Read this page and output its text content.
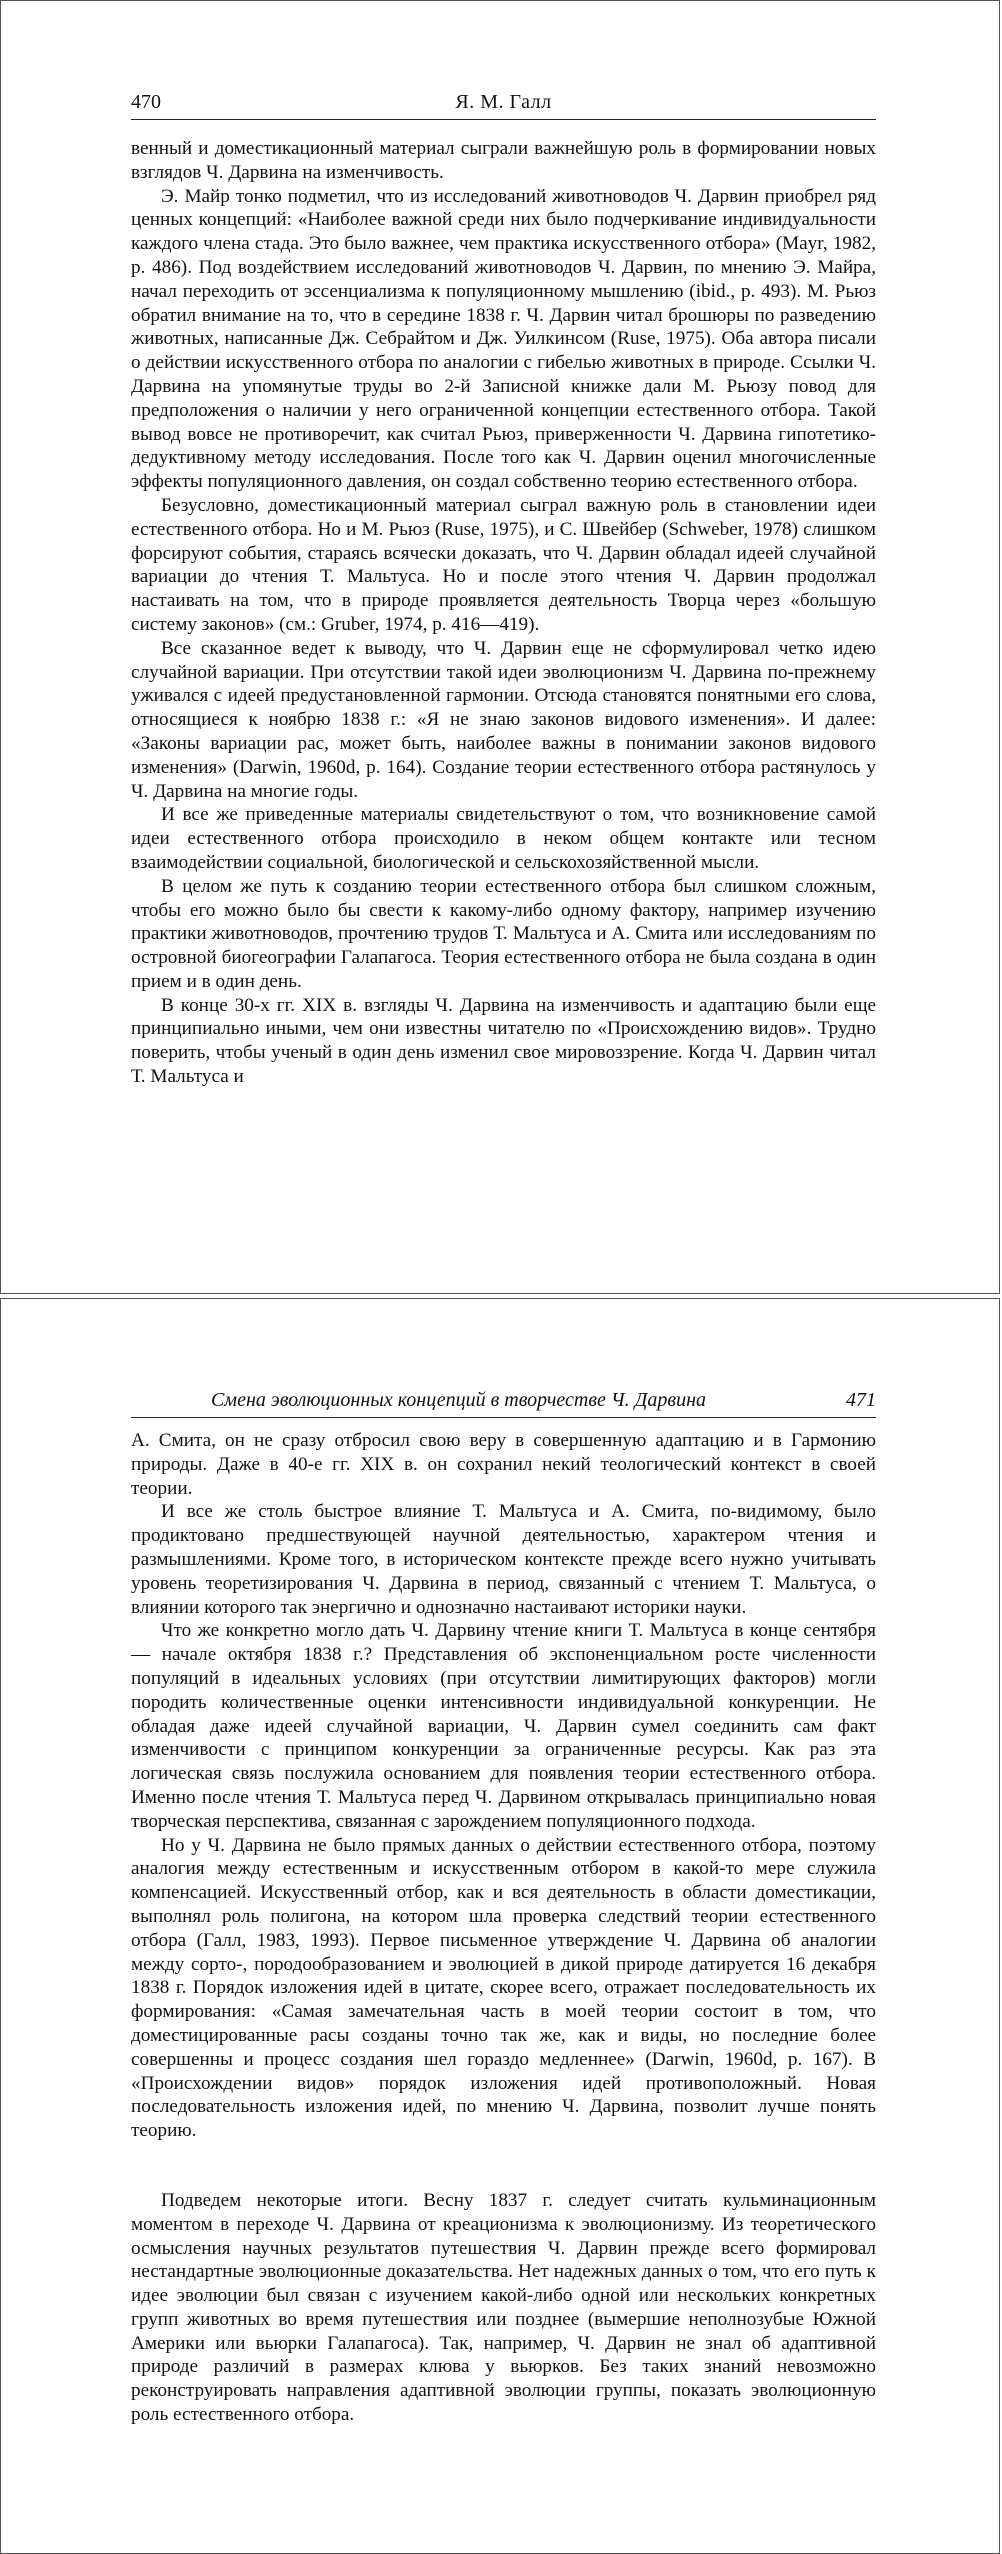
470	Я. М. Галл

венный и доместикационный материал сыграли важнейшую роль в формировании новых взглядов Ч. Дарвина на изменчивость.

Э. Майр тонко подметил, что из исследований животноводов Ч. Дарвин приобрел ряд ценных концепций: «Наиболее важной среди них было подчеркивание индивидуальности каждого члена стада. Это было важнее, чем практика искусственного отбора» (Mayr, 1982, p. 486). Под воздействием исследований животноводов Ч. Дарвин, по мнению Э. Майра, начал переходить от эссенциализма к популяционному мышлению (ibid., p. 493). М. Рьюз обратил внимание на то, что в середине 1838 г. Ч. Дарвин читал брошюры по разведению животных, написанные Дж. Себрайтом и Дж. Уилкинсом (Ruse, 1975). Оба автора писали о действии искусственного отбора по аналогии с гибелью животных в природе. Ссылки Ч. Дарвина на упомянутые труды во 2-й Записной книжке дали М. Рьюзу повод для предположения о наличии у него ограниченной концепции естественного отбора. Такой вывод вовсе не противоречит, как считал Рьюз, приверженности Ч. Дарвина гипотетико-дедуктивному методу исследования. После того как Ч. Дарвин оценил многочисленные эффекты популяционного давления, он создал собственно теорию естественного отбора.

Безусловно, доместикационный материал сыграл важную роль в становлении идеи естественного отбора. Но и М. Рьюз (Ruse, 1975), и С. Швейбер (Schweber, 1978) слишком форсируют события, стараясь всячески доказать, что Ч. Дарвин обладал идеей случайной вариации до чтения Т. Мальтуса. Но и после этого чтения Ч. Дарвин продолжал настаивать на том, что в природе проявляется деятельность Творца через «большую систему законов» (см.: Gruber, 1974, p. 416—419).

Все сказанное ведет к выводу, что Ч. Дарвин еще не сформулировал четко идею случайной вариации. При отсутствии такой идеи эволюционизм Ч. Дарвина по-прежнему уживался с идеей предустановленной гармонии. Отсюда становятся понятными его слова, относящиеся к ноябрю 1838 г.: «Я не знаю законов видового изменения». И далее: «Законы вариации рас, может быть, наиболее важны в понимании законов видового изменения» (Darwin, 1960d, p. 164). Создание теории естественного отбора растянулось у Ч. Дарвина на многие годы.

И все же приведенные материалы свидетельствуют о том, что возникновение самой идеи естественного отбора происходило в неком общем контакте или тесном взаимодействии социальной, биологической и сельскохозяйственной мысли.

В целом же путь к созданию теории естественного отбора был слишком сложным, чтобы его можно было бы свести к какому-либо одному фактору, например изучению практики животноводов, прочтению трудов Т. Мальтуса и А. Смита или исследованиям по островной биогеографии Галапагоса. Теория естественного отбора не была создана в один прием и в один день.

В конце 30-х гг. XIX в. взгляды Ч. Дарвина на изменчивость и адаптацию были еще принципиально иными, чем они известны читателю по «Происхождению видов». Трудно поверить, чтобы ученый в один день изменил свое мировоззрение. Когда Ч. Дарвин читал Т. Мальтуса и

Смена эволюционных концепций в творчестве Ч. Дарвина	471

А. Смита, он не сразу отбросил свою веру в совершенную адаптацию и в Гармонию природы. Даже в 40-е гг. XIX в. он сохранил некий теологический контекст в своей теории.

И все же столь быстрое влияние Т. Мальтуса и А. Смита, по-видимому, было продиктовано предшествующей научной деятельностью, характером чтения и размышлениями. Кроме того, в историческом контексте прежде всего нужно учитывать уровень теоретизирования Ч. Дарвина в период, связанный с чтением Т. Мальтуса, о влиянии которого так энергично и однозначно настаивают историки науки.

Что же конкретно могло дать Ч. Дарвину чтение книги Т. Мальтуса в конце сентября — начале октября 1838 г.? Представления об экспоненциальном росте численности популяций в идеальных условиях (при отсутствии лимитирующих факторов) могли породить количественные оценки интенсивности индивидуальной конкуренции. Не обладая даже идеей случайной вариации, Ч. Дарвин сумел соединить сам факт изменчивости с принципом конкуренции за ограниченные ресурсы. Как раз эта логическая связь послужила основанием для появления теории естественного отбора. Именно после чтения Т. Мальтуса перед Ч. Дарвином открывалась принципиально новая творческая перспектива, связанная с зарождением популяционного подхода.

Но у Ч. Дарвина не было прямых данных о действии естественного отбора, поэтому аналогия между естественным и искусственным отбором в какой-то мере служила компенсацией. Искусственный отбор, как и вся деятельность в области доместикации, выполнял роль полигона, на котором шла проверка следствий теории естественного отбора (Галл, 1983, 1993). Первое письменное утверждение Ч. Дарвина об аналогии между сорто-, породообразованием и эволюцией в дикой природе датируется 16 декабря 1838 г. Порядок изложения идей в цитате, скорее всего, отражает последовательность их формирования: «Самая замечательная часть в моей теории состоит в том, что доместицированные расы созданы точно так же, как и виды, но последние более совершенны и процесс создания шел гораздо медленнее» (Darwin, 1960d, p. 167). В «Происхождении видов» порядок изложения идей противоположный. Новая последовательность изложения идей, по мнению Ч. Дарвина, позволит лучше понять теорию.

Подведем некоторые итоги. Весну 1837 г. следует считать кульминационным моментом в переходе Ч. Дарвина от креационизма к эволюционизму. Из теоретического осмысления научных результатов путешествия Ч. Дарвин прежде всего формировал нестандартные эволюционные доказательства. Нет надежных данных о том, что его путь к идее эволюции был связан с изучением какой-либо одной или нескольких конкретных групп животных во время путешествия или позднее (вымершие неполнозубые Южной Америки или вьюрки Галапагоса). Так, например, Ч. Дарвин не знал об адаптивной природе различий в размерах клюва у вьюрков. Без таких знаний невозможно реконструировать направления адаптивной эволюции группы, показать эволюционную роль естественного отбора.
